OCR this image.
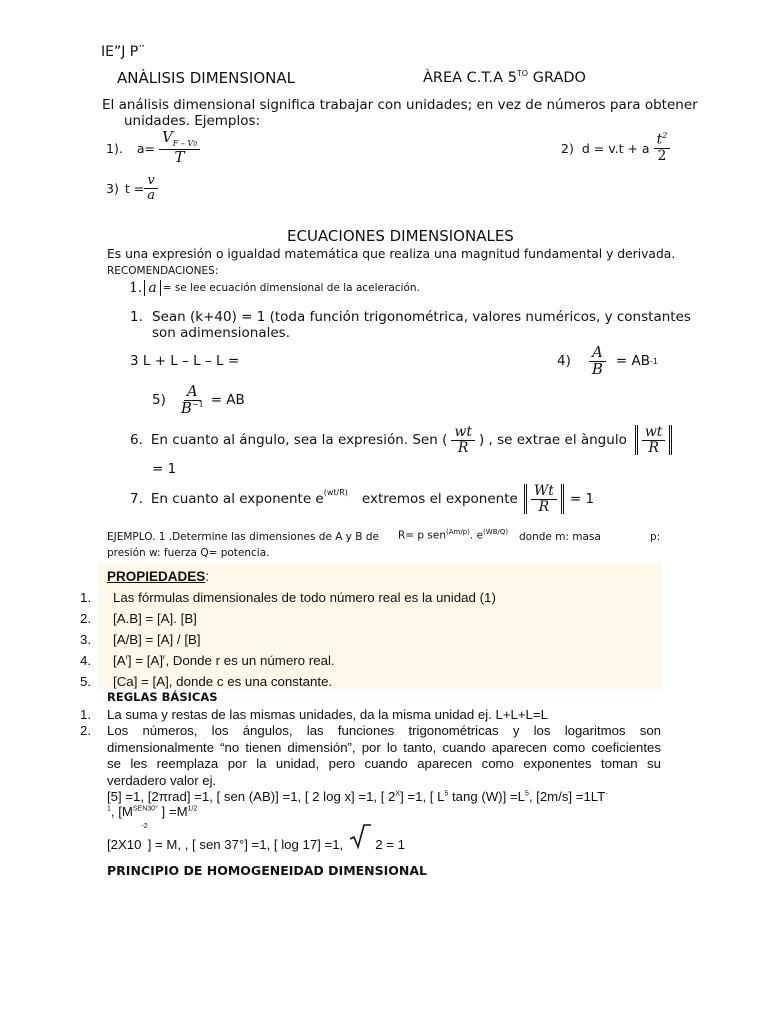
IE”J P¨
ANÀLISIS DIMENSIONAL	ÀREA C.T.A $5^{TO}$ GRADO
El análisis dimensional significa trabajar con unidades; en vez de números para obtener
unidades. Ejemplos:
1). $a= \frac{V_{F - V0}}{T}$	2) d = v.t + a $\frac{t^2}{2}$
3) $t = \frac{v}{a}$
ECUACIONES DIMENSIONALES
Es una expresión o igualdad matemática que realiza una magnitud fundamental y derivada.
RECOMENDACIONES:
1. a = se lee ecuación dimensional de la aceleración.
1. Sean (k+40) = 1 (toda función trigonométrica, valores numéricos, y constantes
son adimensionales.
3 L + L – L – L =	$4) \frac{A}{B}$ = AB -1
$5) \frac{A}{B^{-1}}$ = AB
6. En cuanto al ángulo, sea la expresión. Sen ( $\frac{wt}{R}$ ) , se extrae el àngulo $\frac{wt}{R}$
= 1
7. En cuanto al exponente $e^{(wt/R)}$ extremos el exponente $\frac{Wt}{R} = 1$
EJEMPLO. 1 .Determine las dimensiones de A y B de R= p sen$^{(Am/p)}$. $e^{(WB/Q)}$ donde m: masa	p:
presión w: fuerza Q= potencia.
PROPIEDADES:
1. Las fórmulas dimensionales de todo número real es la unidad (1)
2. [A.B] = [A]. [B]
3. [A/B] = [A] / [B]
4. $[A^r] = [A]^r$, Donde r es un número real.
5. [Ca] = [A], donde c es una constante.
REGLAS BÁSICAS
1. La suma y restas de las mismas unidades, da la misma unidad ej. L+L+L=L
2. Los números, los ángulos, las funciones trigonométricas y los logaritmos son
dimensionalmente “no tienen dimensión”, por lo tanto, cuando aparecen como coeficientes
se les reemplaza por la unidad, pero cuando aparecen como exponentes toman su
verdadero valor ej.
[5] =1, [2πrad] =1, [ sen (AB)] =1, [ 2 log x] =1, [ $2^X] =1$, [ $L^5$ tang $(W)] =L^5$, [2m/s] =1LT-
$^1$, [$M^{SEN30^\circ}$ ] $=M^{1/2}$
[2X10
-2
] = M, , [ sen 37°] =1, [ log 17] =1, 2 = 1
PRINCIPIO DE HOMOGENEIDAD DIMENSIONAL
